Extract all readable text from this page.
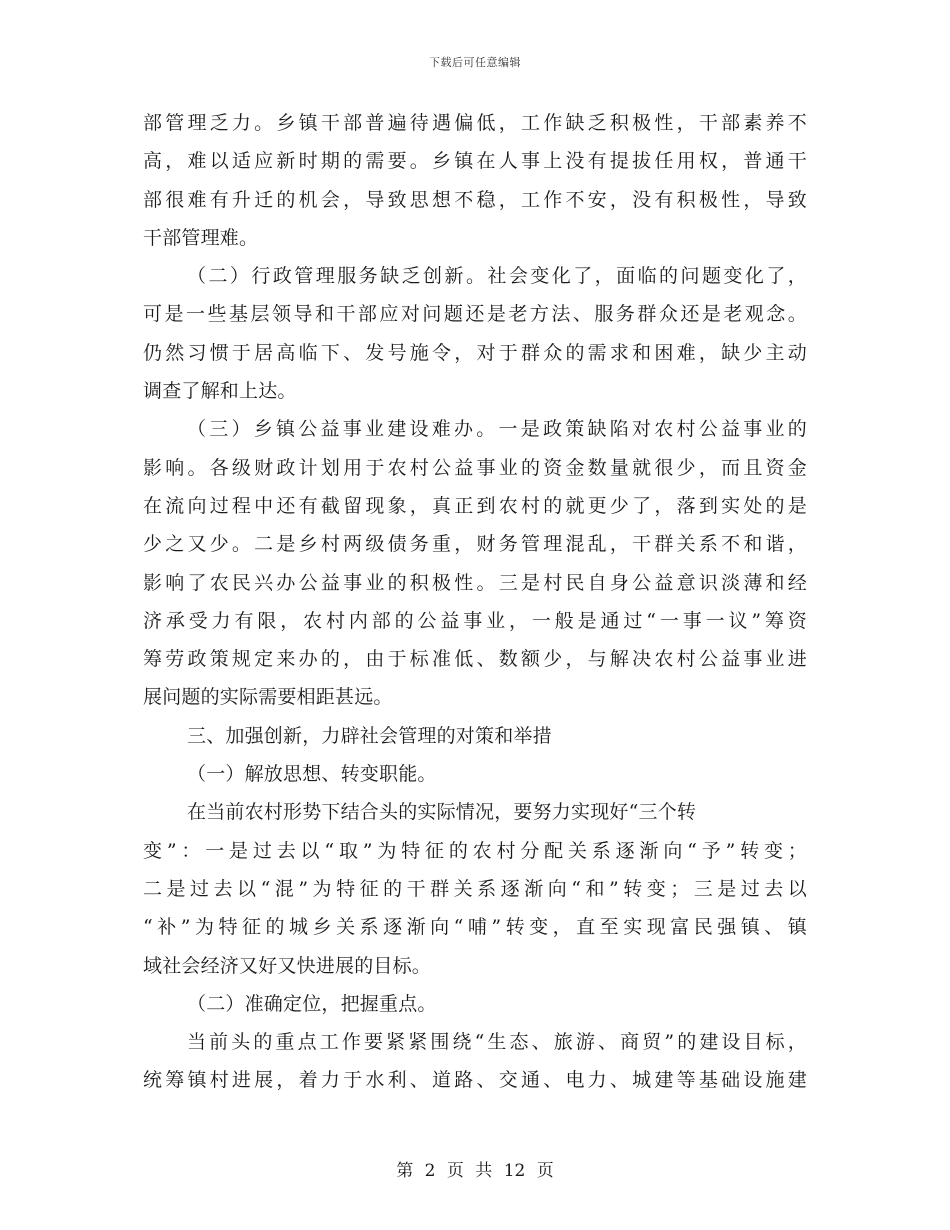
下载后可任意编辑
部管理乏力。乡镇干部普遍待遇偏低，工作缺乏积极性，干部素养不
高，难以适应新时期的需要。乡镇在人事上没有提拔任用权，普通干
部很难有升迁的机会，导致思想不稳，工作不安，没有积极性，导致
干部管理难。
（二）行政管理服务缺乏创新。社会变化了，面临的问题变化了，
可是一些基层领导和干部应对问题还是老方法、服务群众还是老观念。
仍然习惯于居高临下、发号施令，对于群众的需求和困难，缺少主动
调查了解和上达。
（三）乡镇公益事业建设难办。一是政策缺陷对农村公益事业的
影响。各级财政计划用于农村公益事业的资金数量就很少，而且资金
在流向过程中还有截留现象，真正到农村的就更少了，落到实处的是
少之又少。二是乡村两级债务重，财务管理混乱，干群关系不和谐，
影响了农民兴办公益事业的积极性。三是村民自身公益意识淡薄和经
济承受力有限，农村内部的公益事业，一般是通过“一事一议”筹资
筹劳政策规定来办的，由于标准低、数额少，与解决农村公益事业进
展问题的实际需要相距甚远。
三、加强创新，力辟社会管理的对策和举措
（一）解放思想、转变职能。
在当前农村形势下结合头的实际情况，要努力实现好“三个转
变”：一是过去以“取”为特征的农村分配关系逐渐向“予”转变；
二是过去以“混”为特征的干群关系逐渐向“和”转变；三是过去以
“补”为特征的城乡关系逐渐向“哺”转变，直至实现富民强镇、镇
域社会经济又好又快进展的目标。
（二）准确定位，把握重点。
当前头的重点工作要紧紧围绕“生态、旅游、商贸”的建设目标，
统筹镇村进展，着力于水利、道路、交通、电力、城建等基础设施建
第 2 页 共 12 页
